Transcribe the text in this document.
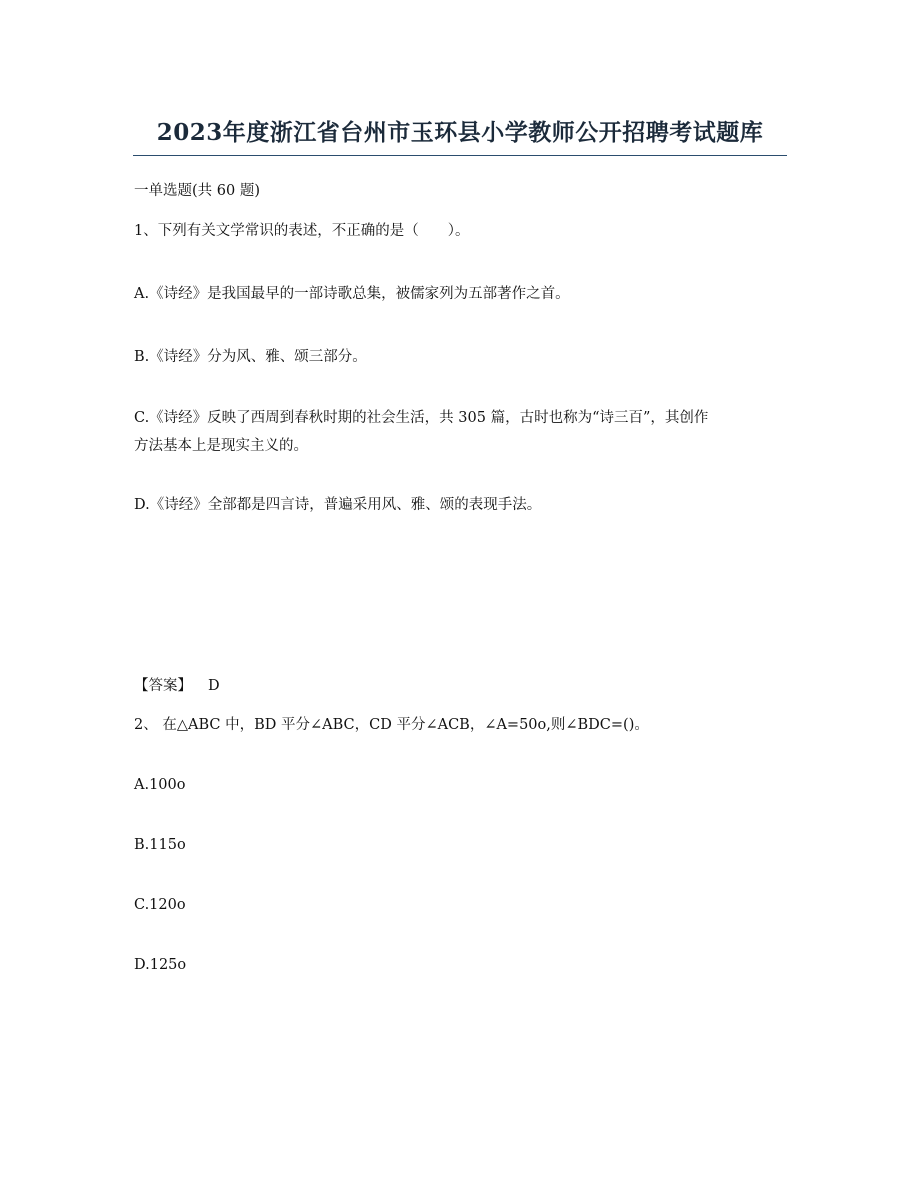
2023年度浙江省台州市玉环县小学教师公开招聘考试题库
一单选题(共 60 题)
1、下列有关文学常识的表述，不正确的是（　　）。
A.《诗经》是我国最早的一部诗歌总集，被儒家列为五部著作之首。
B.《诗经》分为风、雅、颂三部分。
C.《诗经》反映了西周到春秋时期的社会生活，共 305 篇，古时也称为“诗三百”，其创作
方法基本上是现实主义的。
D.《诗经》全部都是四言诗，普遍采用风、雅、颂的表现手法。
【答案】 D
2、 在△ABC 中，BD 平分∠ABC，CD 平分∠ACB，∠A=50o,则∠BDC=()。
A.100o
B.115o
C.120o
D.125o
